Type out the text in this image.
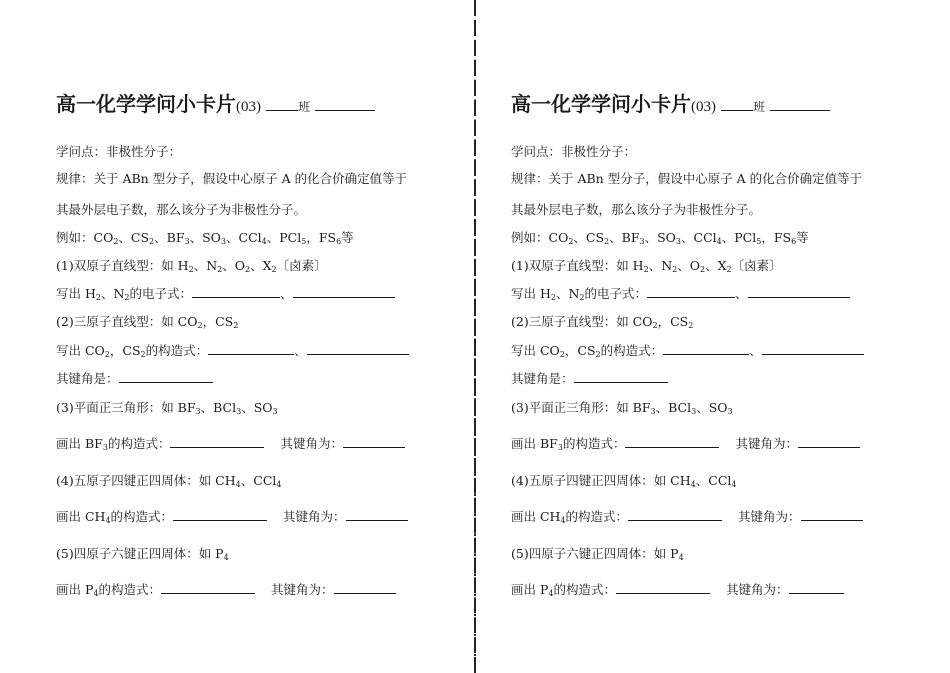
高一化学学问小卡片(03)	班
学问点：非极性分子：
规律：关于 ABn 型分子，假设中心原子 A 的化合价确定值等于
其最外层电子数，那么该分子为非极性分子。
例如：$CO_2$、$CS_2$、$BF_3$、$SO_3$、CCl$_4$、PCl$_5$，$FS_6$等
(1)双原子直线型：如 $H_2$、$N_2$、$O_2$、$X_2$〔卤素〕
写出 $H_2$、$N_2$的电子式：	、
(2)三原子直线型：如 $CO_2$，$CS_2$
写出 $CO_2$，$CS_2$的构造式：	、
其键角是：
(3)平面正三角形：如 $BF_3$、BCl$_3$、$SO_3$
画出 $BF_3$的构造式：	其键角为：
(4)五原子四键正四周体：如 $CH_4$、CCl$_4$
画出 $CH_4$的构造式：	其键角为：
(5)四原子六键正四周体：如 $P_4$
画出 $P_4$的构造式：	其键角为：
高一化学学问小卡片(03)	班
学问点：非极性分子：
规律：关于 ABn 型分子，假设中心原子 A 的化合价确定值等于
其最外层电子数，那么该分子为非极性分子。
例如：$CO_2$、$CS_2$、$BF_3$、$SO_3$、CCl$_4$、PCl$_5$，$FS_6$等
(1)双原子直线型：如 $H_2$、$N_2$、$O_2$、$X_2$〔卤素〕
写出 $H_2$、$N_2$的电子式：	、
(2)三原子直线型：如 $CO_2$，$CS_2$
写出 $CO_2$，$CS_2$的构造式：	、
其键角是：
(3)平面正三角形：如 $BF_3$、BCl$_3$、$SO_3$
画出 $BF_3$的构造式：	其键角为：
(4)五原子四键正四周体：如 $CH_4$、CCl$_4$
画出 $CH_4$的构造式：	其键角为：
(5)四原子六键正四周体：如 $P_4$
画出 $P_4$的构造式：	其键角为：
